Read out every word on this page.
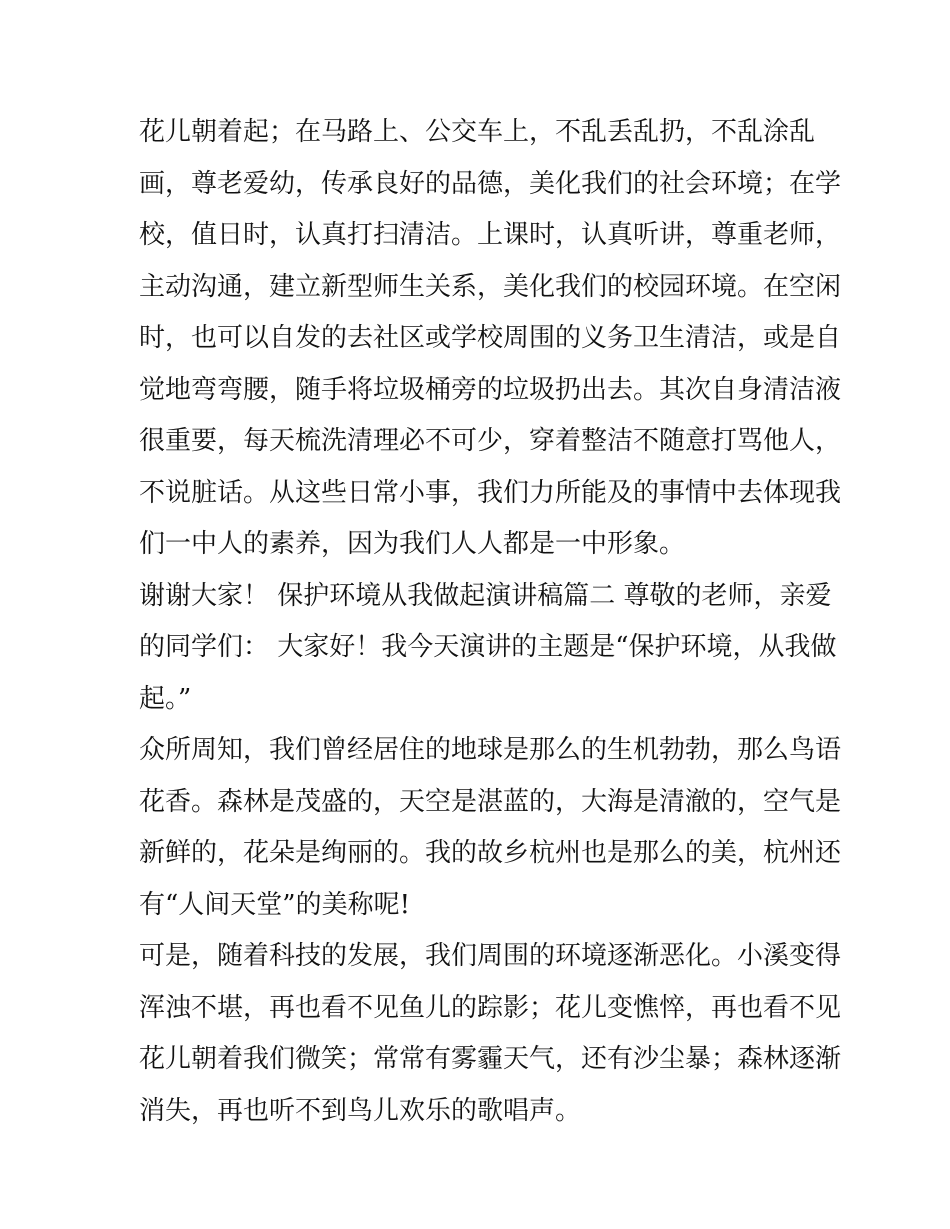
花儿朝着起；在马路上、公交车上，不乱丢乱扔，不乱涂乱
画，尊老爱幼，传承良好的品德，美化我们的社会环境；在学
校，值日时，认真打扫清洁。上课时，认真听讲，尊重老师，
主动沟通，建立新型师生关系，美化我们的校园环境。在空闲
时，也可以自发的去社区或学校周围的义务卫生清洁，或是自
觉地弯弯腰，随手将垃圾桶旁的垃圾扔出去。其次自身清洁液
很重要，每天梳洗清理必不可少，穿着整洁不随意打骂他人，
不说脏话。从这些日常小事，我们力所能及的事情中去体现我
们一中人的素养，因为我们人人都是一中形象。
谢谢大家！ 保护环境从我做起演讲稿篇二 尊敬的老师，亲爱
的同学们： 大家好！我今天演讲的主题是“保护环境，从我做
起。”
众所周知，我们曾经居住的地球是那么的生机勃勃，那么鸟语
花香。森林是茂盛的，天空是湛蓝的，大海是清澈的，空气是
新鲜的，花朵是绚丽的。我的故乡杭州也是那么的美，杭州还
有“人间天堂”的美称呢!
可是，随着科技的发展，我们周围的环境逐渐恶化。小溪变得
浑浊不堪，再也看不见鱼儿的踪影；花儿变憔悴，再也看不见
花儿朝着我们微笑；常常有雾霾天气，还有沙尘暴；森林逐渐
消失，再也听不到鸟儿欢乐的歌唱声。
